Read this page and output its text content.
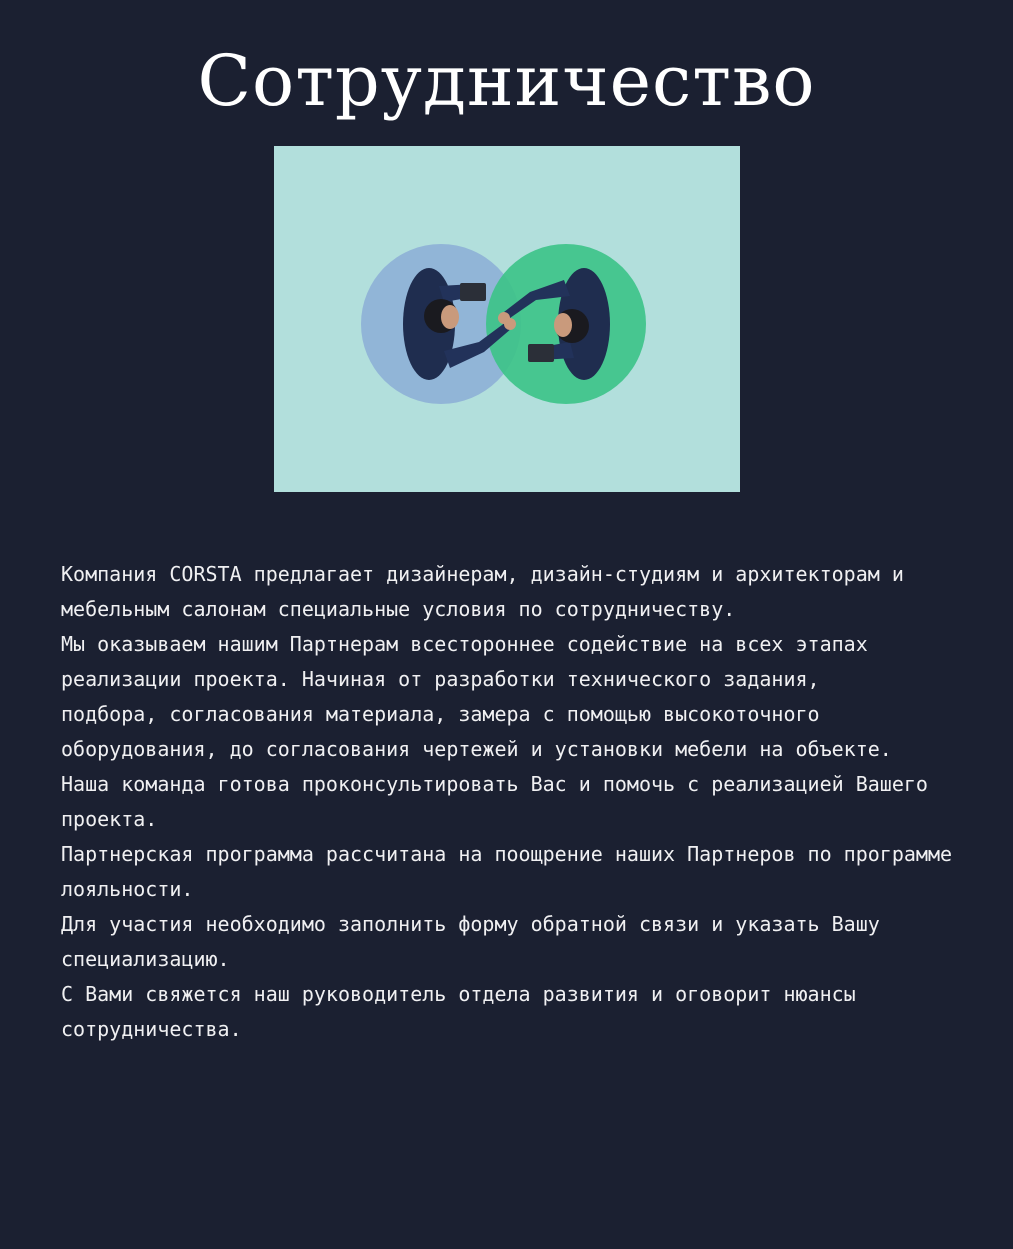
Сотрудничество

Компания CORSTA предлагает дизайнерам, дизайн-студиям и архитекторам и мебельным салонам специальные условия по сотрудничеству.

Мы оказываем нашим Партнерам всестороннее содействие на всех этапах реализации проекта. Начиная от разработки технического задания,

подбора, согласования материала, замера с помощью высокоточного оборудования, до согласования чертежей и установки мебели на объекте.

Наша команда готова проконсультировать Вас и помочь с реализацией Вашего проекта.

Партнерская программа рассчитана на поощрение наших Партнеров по программе лояльности.

Для участия необходимо заполнить форму обратной связи и указать Вашу специализацию.

С Вами свяжется наш руководитель отдела развития и оговорит нюансы сотрудничества.
